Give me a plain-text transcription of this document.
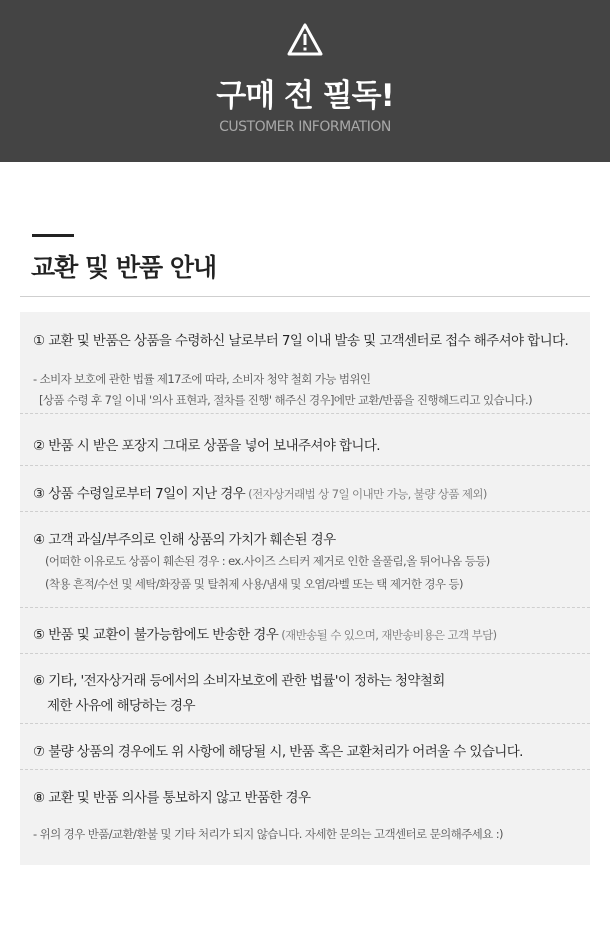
구매 전 필독!
CUSTOMER INFORMATION
교환 및 반품 안내
① 교환 및 반품은 상품을 수령하신 날로부터 7일 이내 발송 및 고객센터로 접수 해주셔야 합니다.
- 소비자 보호에 관한 법률 제17조에 따라, 소비자 청약 철회 가능 범위인
[상품 수령 후 7일 이내 '의사 표현과, 절차를 진행' 해주신 경우]에만 교환/반품을 진행해드리고 있습니다.)
② 반품 시 받은 포장지 그대로 상품을 넣어 보내주셔야 합니다.
③ 상품 수령일로부터 7일이 지난 경우 (전자상거래법 상 7일 이내만 가능, 불량 상품 제외)
④ 고객 과실/부주의로 인해 상품의 가치가 훼손된 경우
(어떠한 이유로도 상품이 훼손된 경우 : ex.사이즈 스티커 제거로 인한 올풀림,올 튀어나옴 등등)
(착용 흔적/수선 및 세탁/화장품 및 탈취제 사용/냄새 및 오염/라벨 또는 택 제거한 경우 등)
⑤ 반품 및 교환이 불가능함에도 반송한 경우 (재반송될 수 있으며, 재반송비용은 고객 부담)
⑥ 기타, '전자상거래 등에서의 소비자보호에 관한 법률'이 정하는 청약철회
제한 사유에 해당하는 경우
⑦ 불량 상품의 경우에도 위 사항에 해당될 시, 반품 혹은 교환처리가 어려울 수 있습니다.
⑧ 교환 및 반품 의사를 통보하지 않고 반품한 경우
- 위의 경우 반품/교환/환불 및 기타 처리가 되지 않습니다. 자세한 문의는 고객센터로 문의해주세요 :)
